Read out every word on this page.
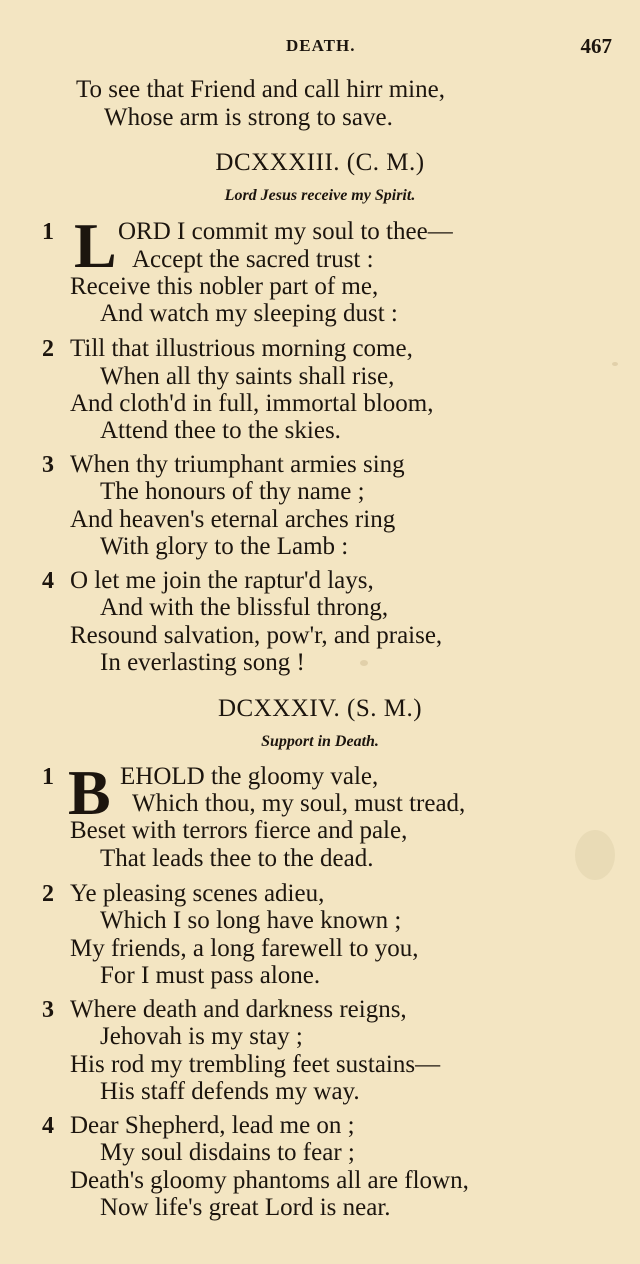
DEATH.	467
To see that Friend and call hirr mine,
Whose arm is strong to save.
DCXXXIII. (C. M.)
Lord Jesus receive my Spirit.
1 L ORD I commit my soul to thee—
Accept the sacred trust :
Receive this nobler part of me,
And watch my sleeping dust :
2 Till that illustrious morning come,
When all thy saints shall rise,
And cloth'd in full, immortal bloom,
Attend thee to the skies.
3 When thy triumphant armies sing
The honours of thy name ;
And heaven's eternal arches ring
With glory to the Lamb :
4 O let me join the raptur'd lays,
And with the blissful throng,
Resound salvation, pow'r, and praise,
In everlasting song !
DCXXXIV. (S. M.)
Support in Death.
1 B EHOLD the gloomy vale,
Which thou, my soul, must tread,
Beset with terrors fierce and pale,
That leads thee to the dead.
2 Ye pleasing scenes adieu,
Which I so long have known ;
My friends, a long farewell to you,
For I must pass alone.
3 Where death and darkness reigns,
Jehovah is my stay ;
His rod my trembling feet sustains—
His staff defends my way.
4 Dear Shepherd, lead me on ;
My soul disdains to fear ;
Death's gloomy phantoms all are flown,
Now life's great Lord is near.
